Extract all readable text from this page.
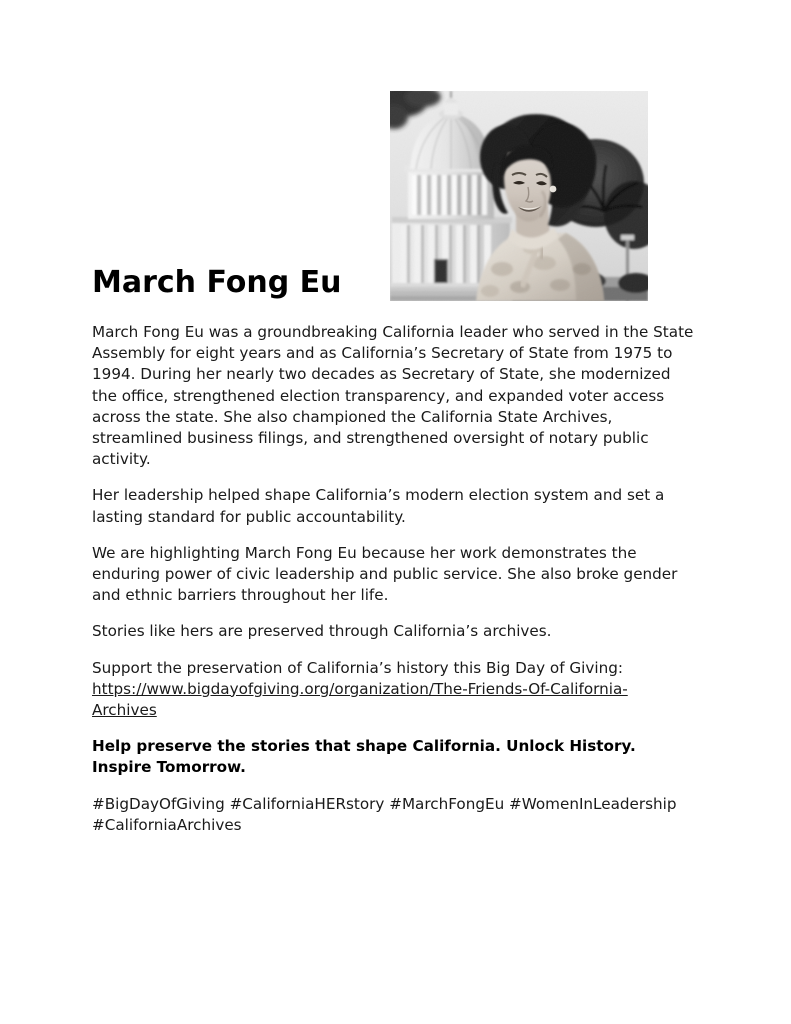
March Fong Eu

March Fong Eu was a groundbreaking California leader who served in the State Assembly for eight years and as California’s Secretary of State from 1975 to 1994. During her nearly two decades as Secretary of State, she modernized the office, strengthened election transparency, and expanded voter access across the state. She also championed the California State Archives, streamlined business filings, and strengthened oversight of notary public activity.

Her leadership helped shape California’s modern election system and set a lasting standard for public accountability.

We are highlighting March Fong Eu because her work demonstrates the enduring power of civic leadership and public service. She also broke gender and ethnic barriers throughout her life.

Stories like hers are preserved through California’s archives.

Support the preservation of California’s history this Big Day of Giving:

https://www.bigdayofgiving.org/organization/The-Friends-Of-California-
Archives

Help preserve the stories that shape California. Unlock History. Inspire Tomorrow.

#BigDayOfGiving #CaliforniaHERstory #MarchFongEu #WomenInLeadership #CaliforniaArchives
